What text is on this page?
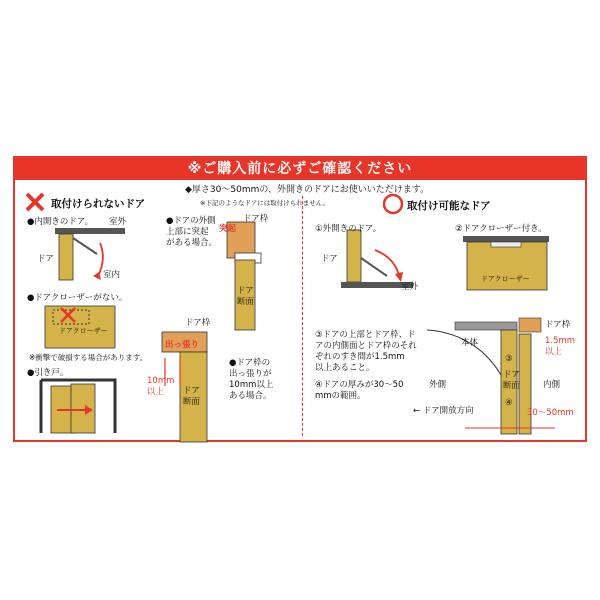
※ご購入前に必ずご確認ください
◆厚さ30～50mmの、外開きのドアにお使いいただけます。
※下記のようなドアには取付けられません。
取付けられないドア
●内開きのドア。 室外
室内
ドア
●ドアの外側
上部に突起
がある場合。
ドア枠
突起
ドア
断面
●ドアクローザーがない。
ドアクローザー
※衝撃で破損する場合があります。
ドア枠
出っ張り
10mm
以上	ドア
断面
●ドア枠の
出っ張りが
10mm以上
ある場合。
●引き戸。
取付け可能なドア
①外開きのドア。
ドア
室外
②ドアクローザー付き。
ドアクローザー
③ドアの上部とドア枠、ド
アの内側面とドア枠のそれ
ぞれのすき間が1.5mm
以上あること。
④ドアの厚みが30～50
mmの範囲。
本体
ドア枠
1.5mm
以上
③
ドア
断面
④
外側	内側
← ドア開放方向	30～50mm
